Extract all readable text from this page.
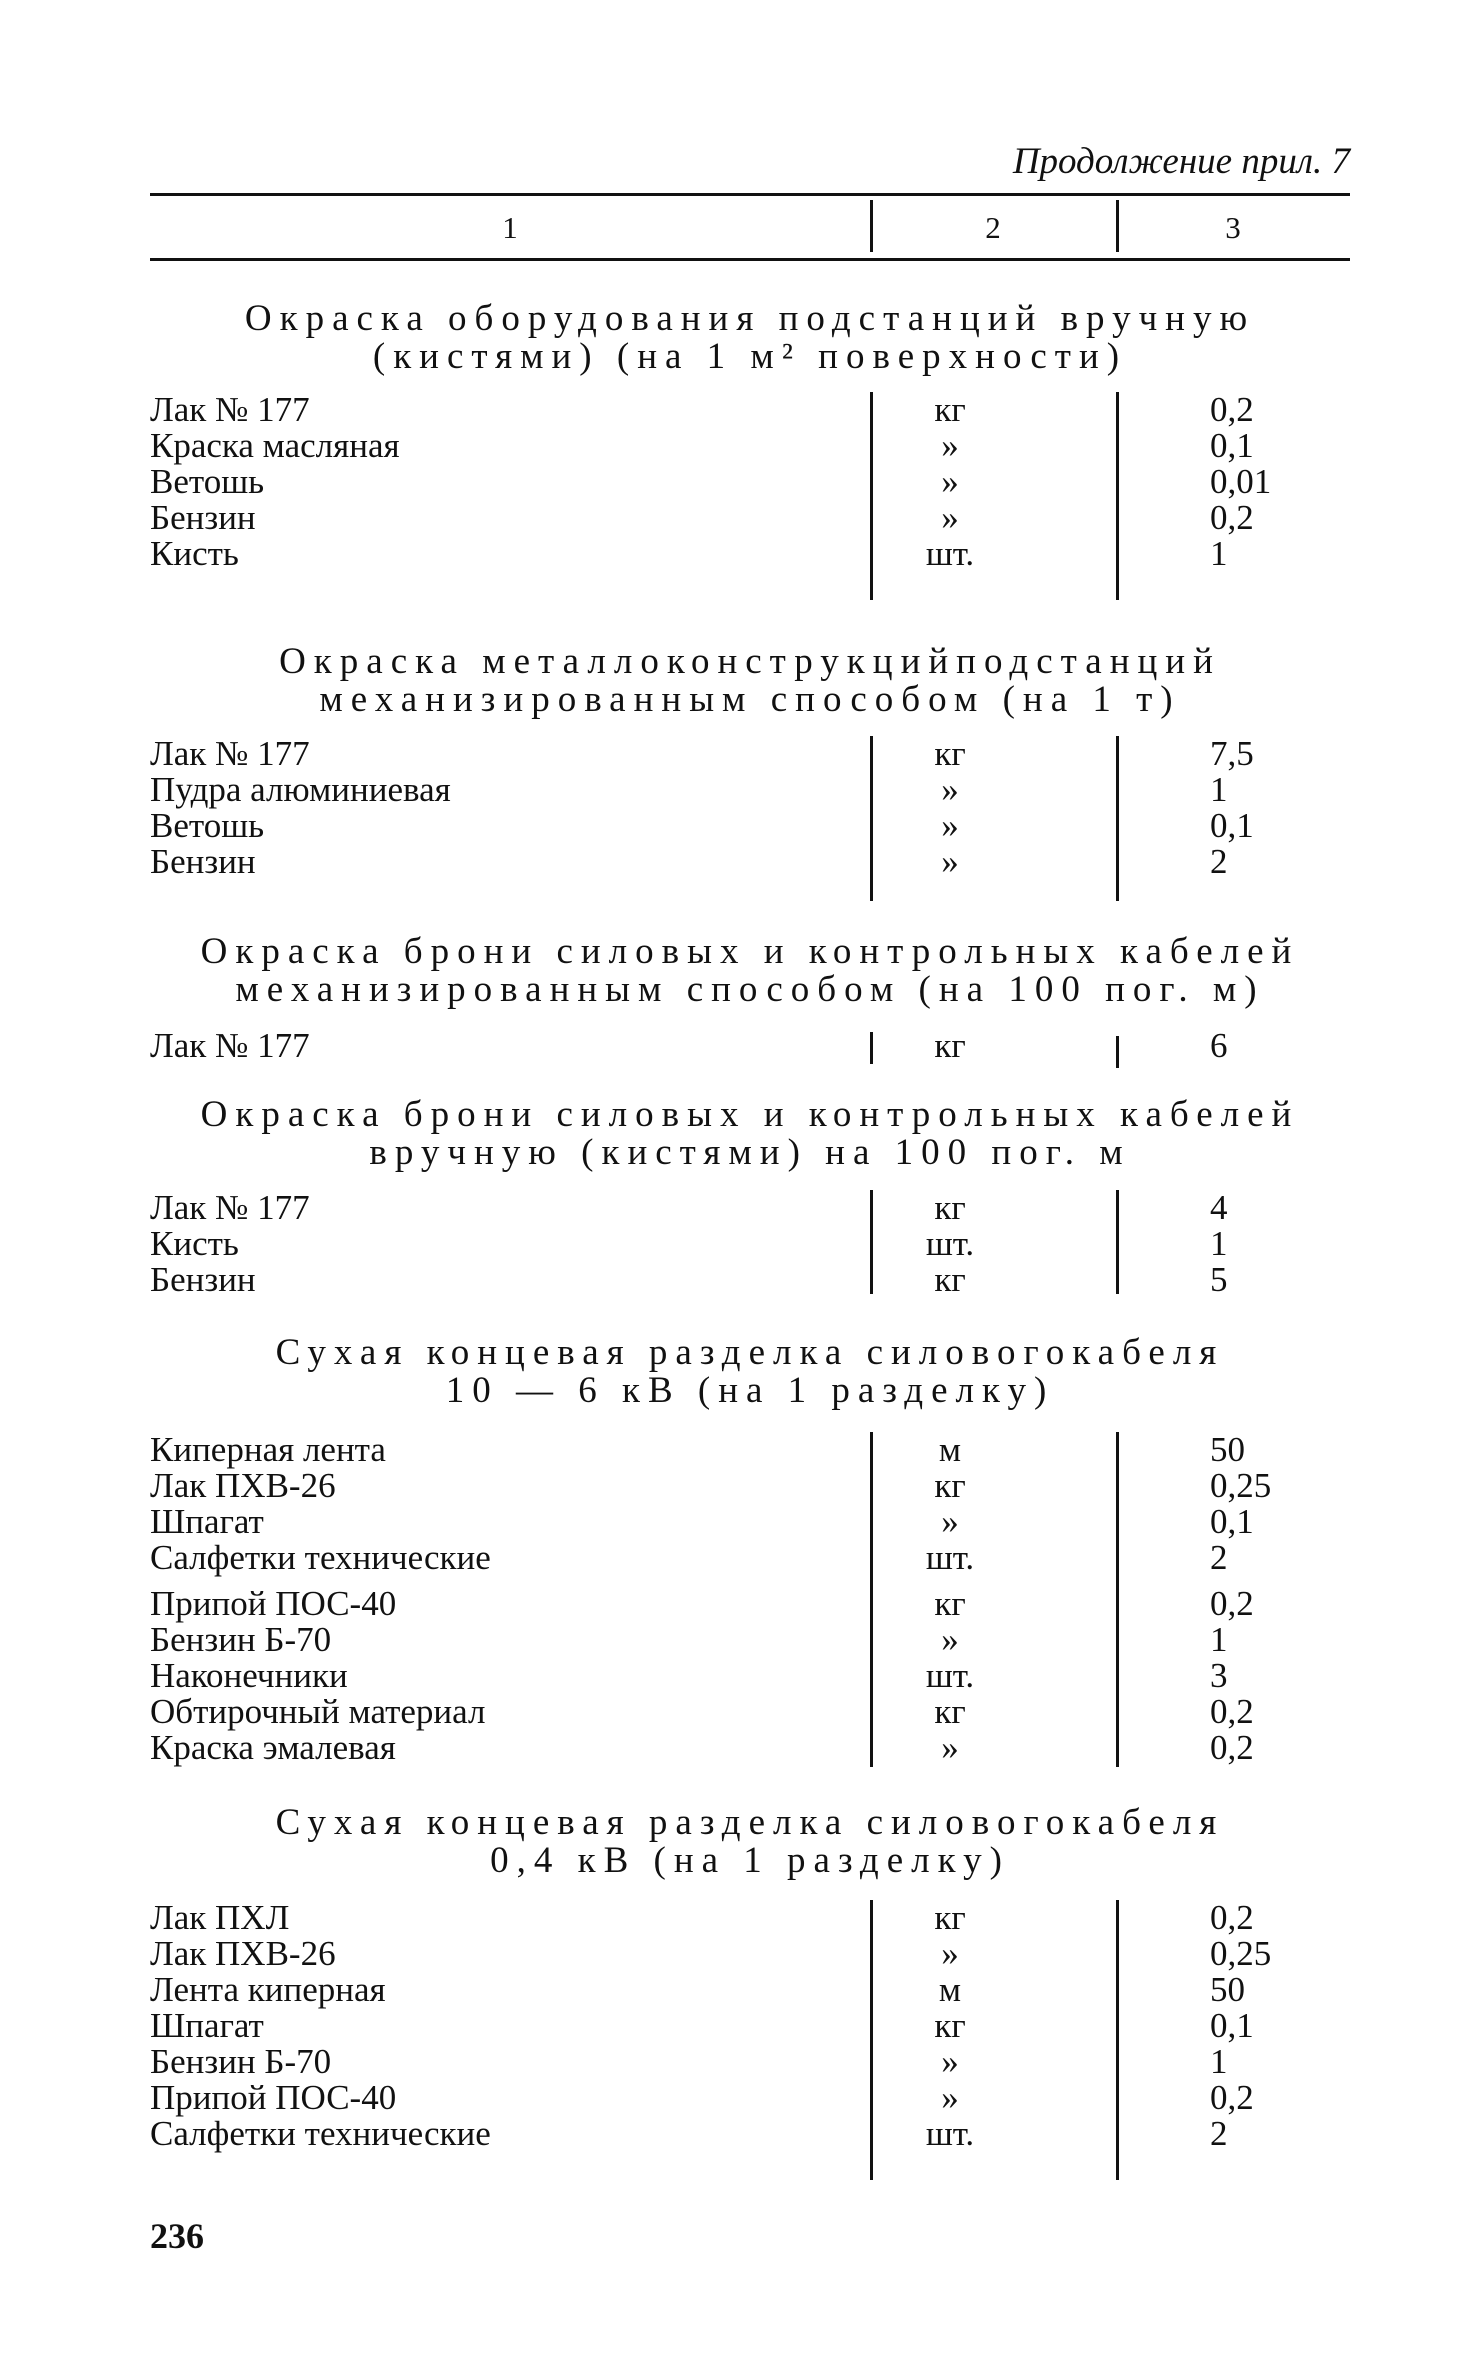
Продолжение прил. 7
1	2	3
Окраска оборудования подстанций вручную
(кистями) (на 1 м² поверхности)
Лак № 177	кг	0,2
Краска масляная	»	0,1
Ветошь	»	0,01
Бензин	»	0,2
Кисть	шт.	1
Окраска металлоконструкцийподстанций
механизированным способом (на 1 т)
Лак № 177	кг	7,5
Пудра алюминиевая	»	1
Ветошь	»	0,1
Бензин	»	2
Окраска брони силовых и контрольных кабелей
механизированным способом (на 100 пог. м)
Лак № 177	кг	6
Окраска брони силовых и контрольных кабелей
вручную (кистями) на 100 пог. м
Лак № 177	кг	4
Кисть	шт.	1
Бензин	кг	5
Сухая концевая разделка силовогокабеля
10 — 6 кВ (на 1 разделку)
Киперная лента	м	50
Лак ПХВ-26	кг	0,25
Шпагат	»	0,1
Салфетки технические	шт.	2
Припой ПОС-40	кг	0,2
Бензин Б-70	»	1
Наконечники	шт.	3
Обтирочный материал	кг	0,2
Краска эмалевая	»	0,2
Сухая концевая разделка силовогокабеля
0,4 кВ (на 1 разделку)
Лак ПХЛ	кг	0,2
Лак ПХВ-26	»	0,25
Лента киперная	м	50
Шпагат	кг	0,1
Бензин Б-70	»	1
Припой ПОС-40	»	0,2
Салфетки технические	шт.	2
236
